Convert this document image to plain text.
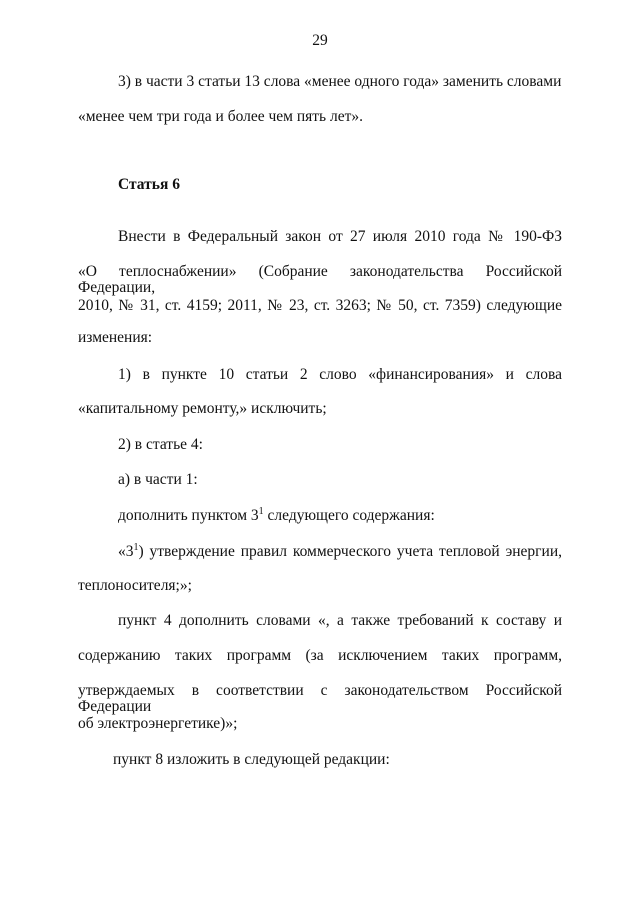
29
3) в части 3 статьи 13 слова «менее одного года» заменить словами
«менее чем три года и более чем пять лет».
Статья 6
Внести в Федеральный закон от 27 июля 2010 года № 190-ФЗ
«О теплоснабжении» (Собрание законодательства Российской Федерации,
2010, № 31, ст. 4159; 2011, № 23, ст. 3263; № 50, ст. 7359) следующие
изменения:
1) в пункте 10 статьи 2 слово «финансирования» и слова
«капитальному ремонту,» исключить;
2) в статье 4:
а) в части 1:
дополнить пунктом $3^1$ следующего содержания:
«$3^1$ ) утверждение правил коммерческого учета тепловой энергии,
теплоносителя;»;
пункт 4 дополнить словами «, а также требований к составу и
содержанию таких программ (за исключением таких программ,
утверждаемых в соответствии с законодательством Российской Федерации
об электроэнергетике)»;
пункт 8 изложить в следующей редакции:
